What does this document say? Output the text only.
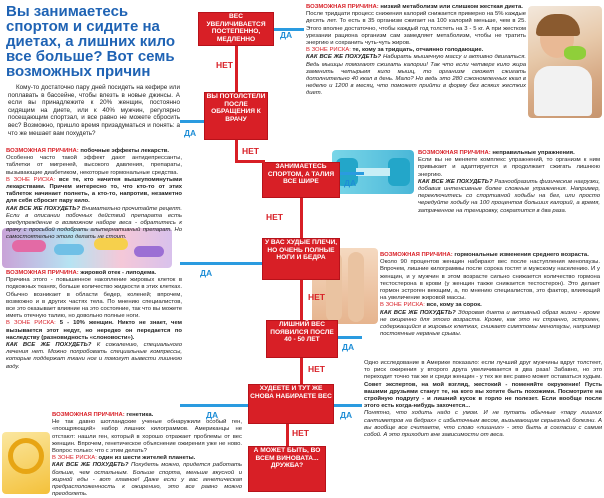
Вы занимаетесь спортом и сидите на диетах, а лишних кило все больше? Вот семь возможных причин
Кому-то достаточно пару дней посидеть на кефире или поплавать в бассейне, чтобы влезть в новые джинсы. А если вы принадлежите к 20% женщин, постоянно сидящим на диете, или к 40% мужчин, регулярно посещающим спортзал, и все равно не можете сбросить вес? Возможно, пришло время призадуматься и понять: а что же мешает вам похудеть?
ВЕС УВЕЛИЧИВАЕТСЯ ПОСТЕПЕННО, МЕДЛЕННО
ВЫ ПОТОЛСТЕЛИ ПОСЛЕ ОБРАЩЕНИЯ К ВРАЧУ
ЗАНИМАЕТЕСЬ СПОРТОМ, А ТАЛИЯ ВСЕ ШИРЕ
У ВАС ХУДЫЕ ПЛЕЧИ, НО ОЧЕНЬ ПОЛНЫЕ НОГИ И БЕДРА
ЛИШНИЙ ВЕС ПОЯВИЛСЯ ПОСЛЕ 40 - 50 ЛЕТ
ХУДЕЕТЕ И ТУТ ЖЕ СНОВА НАБИРАЕТЕ ВЕС
А МОЖЕТ БЫТЬ, ВО ВСЕМ ВИНОВАТА... ДРУЖБА?
НЕТ
НЕТ
НЕТ
НЕТ
НЕТ
НЕТ
ДА
ДА
ДА
ДА
ДА
ДА	ДА
ВОЗМОЖНАЯ ПРИЧИНА: низкий метаболизм или слишком жесткая диета.
После тридцати процесс снижения калорий снижается примерно на 5% каждые десять лет. То есть в 35 организм сжигает на 100 калорий меньше, чем в 25. Этого вполне достаточно, чтобы каждый год толстеть на 3 - 5 кг. А при жестком урезании рациона организм сам замедляет метаболизм, чтобы не тратить энергию и сохранить чуть-чуть жиров.
В ЗОНЕ РИСКА: те, кому за тридцать, отчаянно голодающие.
КАК ВСЕ ЖЕ ПОХУДЕТЬ? Набирать мышечную массу и активно двигаться. Ведь мышцы помогают сжигать калории! Так что если четверг кило жира заменить четырьмя кило мышц, то организм сможет сжигать дополнительно 40 ккал в день. Мало? Но ведь это 280 сэкономленных ккал в неделю и 1200 в месяц, что поможет прийти в форму без всяких жестких диет.
ВОЗМОЖНАЯ ПРИЧИНА: побочные эффекты лекарств.
Особенно часто такой эффект дают антидепрессанты, таблетки от мигреней, высокого давления, препараты, вызывающие диабетиком, некоторые гормональные средства.
В ЗОНЕ РИСКА: все те, кто начитея вышеупомянутыми лекарствами. Причем интересно то, что кто-то от этих таблеток начинает полнеть, а кто-то, напротив, незаметно для себя сбросит пару кило.
КАК ВСЕ ЖЕ ПОХУДЕТЬ? Внимательно прочитайте рецепт. Если в описании побочных действий препарата есть предупреждение о возможном наборе веса - обратитесь к врачу с просьбой подобрать альтернативный препарат. Но самостоятельно этого делать не стоит.
ВОЗМОЖНАЯ ПРИЧИНА: неправильные упражнения.
Если вы не меняете комплекс упражнений, то организм к ним привыкает и адаптируется и продолжает сжигать лишнюю энергию.
КАК ВСЕ ЖЕ ПОХУДЕТЬ? Разнообразить физические нагрузки, добавив интенсивные более сложные упражнения. Например, переключитесь со спортивной ходьбы на бег, или просто чередуйте ходьбу на 100 процентов больших калорий, а время, затраченное на тренировку, сократится в два раза.
ВОЗМОЖНАЯ ПРИЧИНА: жировой отек - липодема.
Причина этого - повышенное накопление жировых клеток в подкожных тканях, больше количество жидкости в этих клетках. Обычно возникает в области бедер, коленей; впрочем, возможно и в других частях тела. По мнению специалистов, все это оказывает влияние на это состояние, так что вы можете иметь отечную талию, но довольно полные ноги.
В ЗОНЕ РИСКА: 5 - 10% женщин. Никто не знает, чем вызывается этот недуг, но нередко он передается по наследству (разновидность «слоновости»).
КАК ВСЕ ЖЕ ПОХУДЕТЬ? К сожалению, специального лечения нет. Можно попробовать специальные компрессы, которые поддержат ткани ног и помогут вывести лишнюю воду.
ВОЗМОЖНАЯ ПРИЧИНА: гормональные изменения среднего возраста.
Около 90 процентов женщин набирают вес после наступления менопаузы. Впрочем, лишние килограммы после сорока гостят и мужскому населению. И у женщин, и у мужчин в этом возрасте сильно снижается количество гормона тестостерона в крови (у женщин также снижается тестостерон). Это делает гормон эстроген веющим, а, по мнению специалистов, это фактор, влияющий на увеличение жировой массы.
В ЗОНЕ РИСКА: все, кому за сорок.
КАК ВСЕ ЖЕ ПОХУДЕТЬ? Здоровая диета и активный образ жизни - кроме не ожиренно для этого возраста. Кроме, как это ни странно, эстроген, содержащийся в жировых клетках, снижает симптомы менопаузы, например постоянные нервные срывы.
ВОЗМОЖНАЯ ПРИЧИНА: генетика.
Не так давно шотландские ученые обнаружили особый ген, «поощряющий» набор лишних килограммов. Американцы не отстают: нашли ген, который в хорошо отражает проблемы от вес женщин. Впрочем, генетическое объяснение ожирения уже не ново. Вопрос только: что с этим делать?
В ЗОНЕ РИСКА: один из шести жителей планеты.
КАК ВСЕ ЖЕ ПОХУДЕТЬ? Похудеть можно, придется работать больше, чем остальным. Больше спорта, меньше вкусной и жирной еды - вот главное! Даже если у вас генетическая предрасположенность к ожирению, это все равно можно преодолеть.
Одно исследование в Америке показало: если лучший друг мужчины вдруг толстеет, то риск ожирения у второго друга увеличивается в два раза! Забавно, но это переходит точно так же и среди женщин - у тех же вес равно может оставаться худым.
Совет экспертов, на мой взгляд, жестокий - поменяйте окружение! Пусть вашими друзьями станут те, на кого вы хотите быть похожими. Посмотрите на стройную подругу - и лишний кусок в горло не полезет. Если вообще после этого есть когда-нибудь захочется...
Понятно, что ходить надо с умом. И не путать обычные «пару лишних сантиметров на бедрах» с избыточным весом, вызывающим серьезный болезни. А вы вообще все считаете, что слово «лишних» - это быть в согласии с самим собой. А это приходит вне зависимости от веса.
